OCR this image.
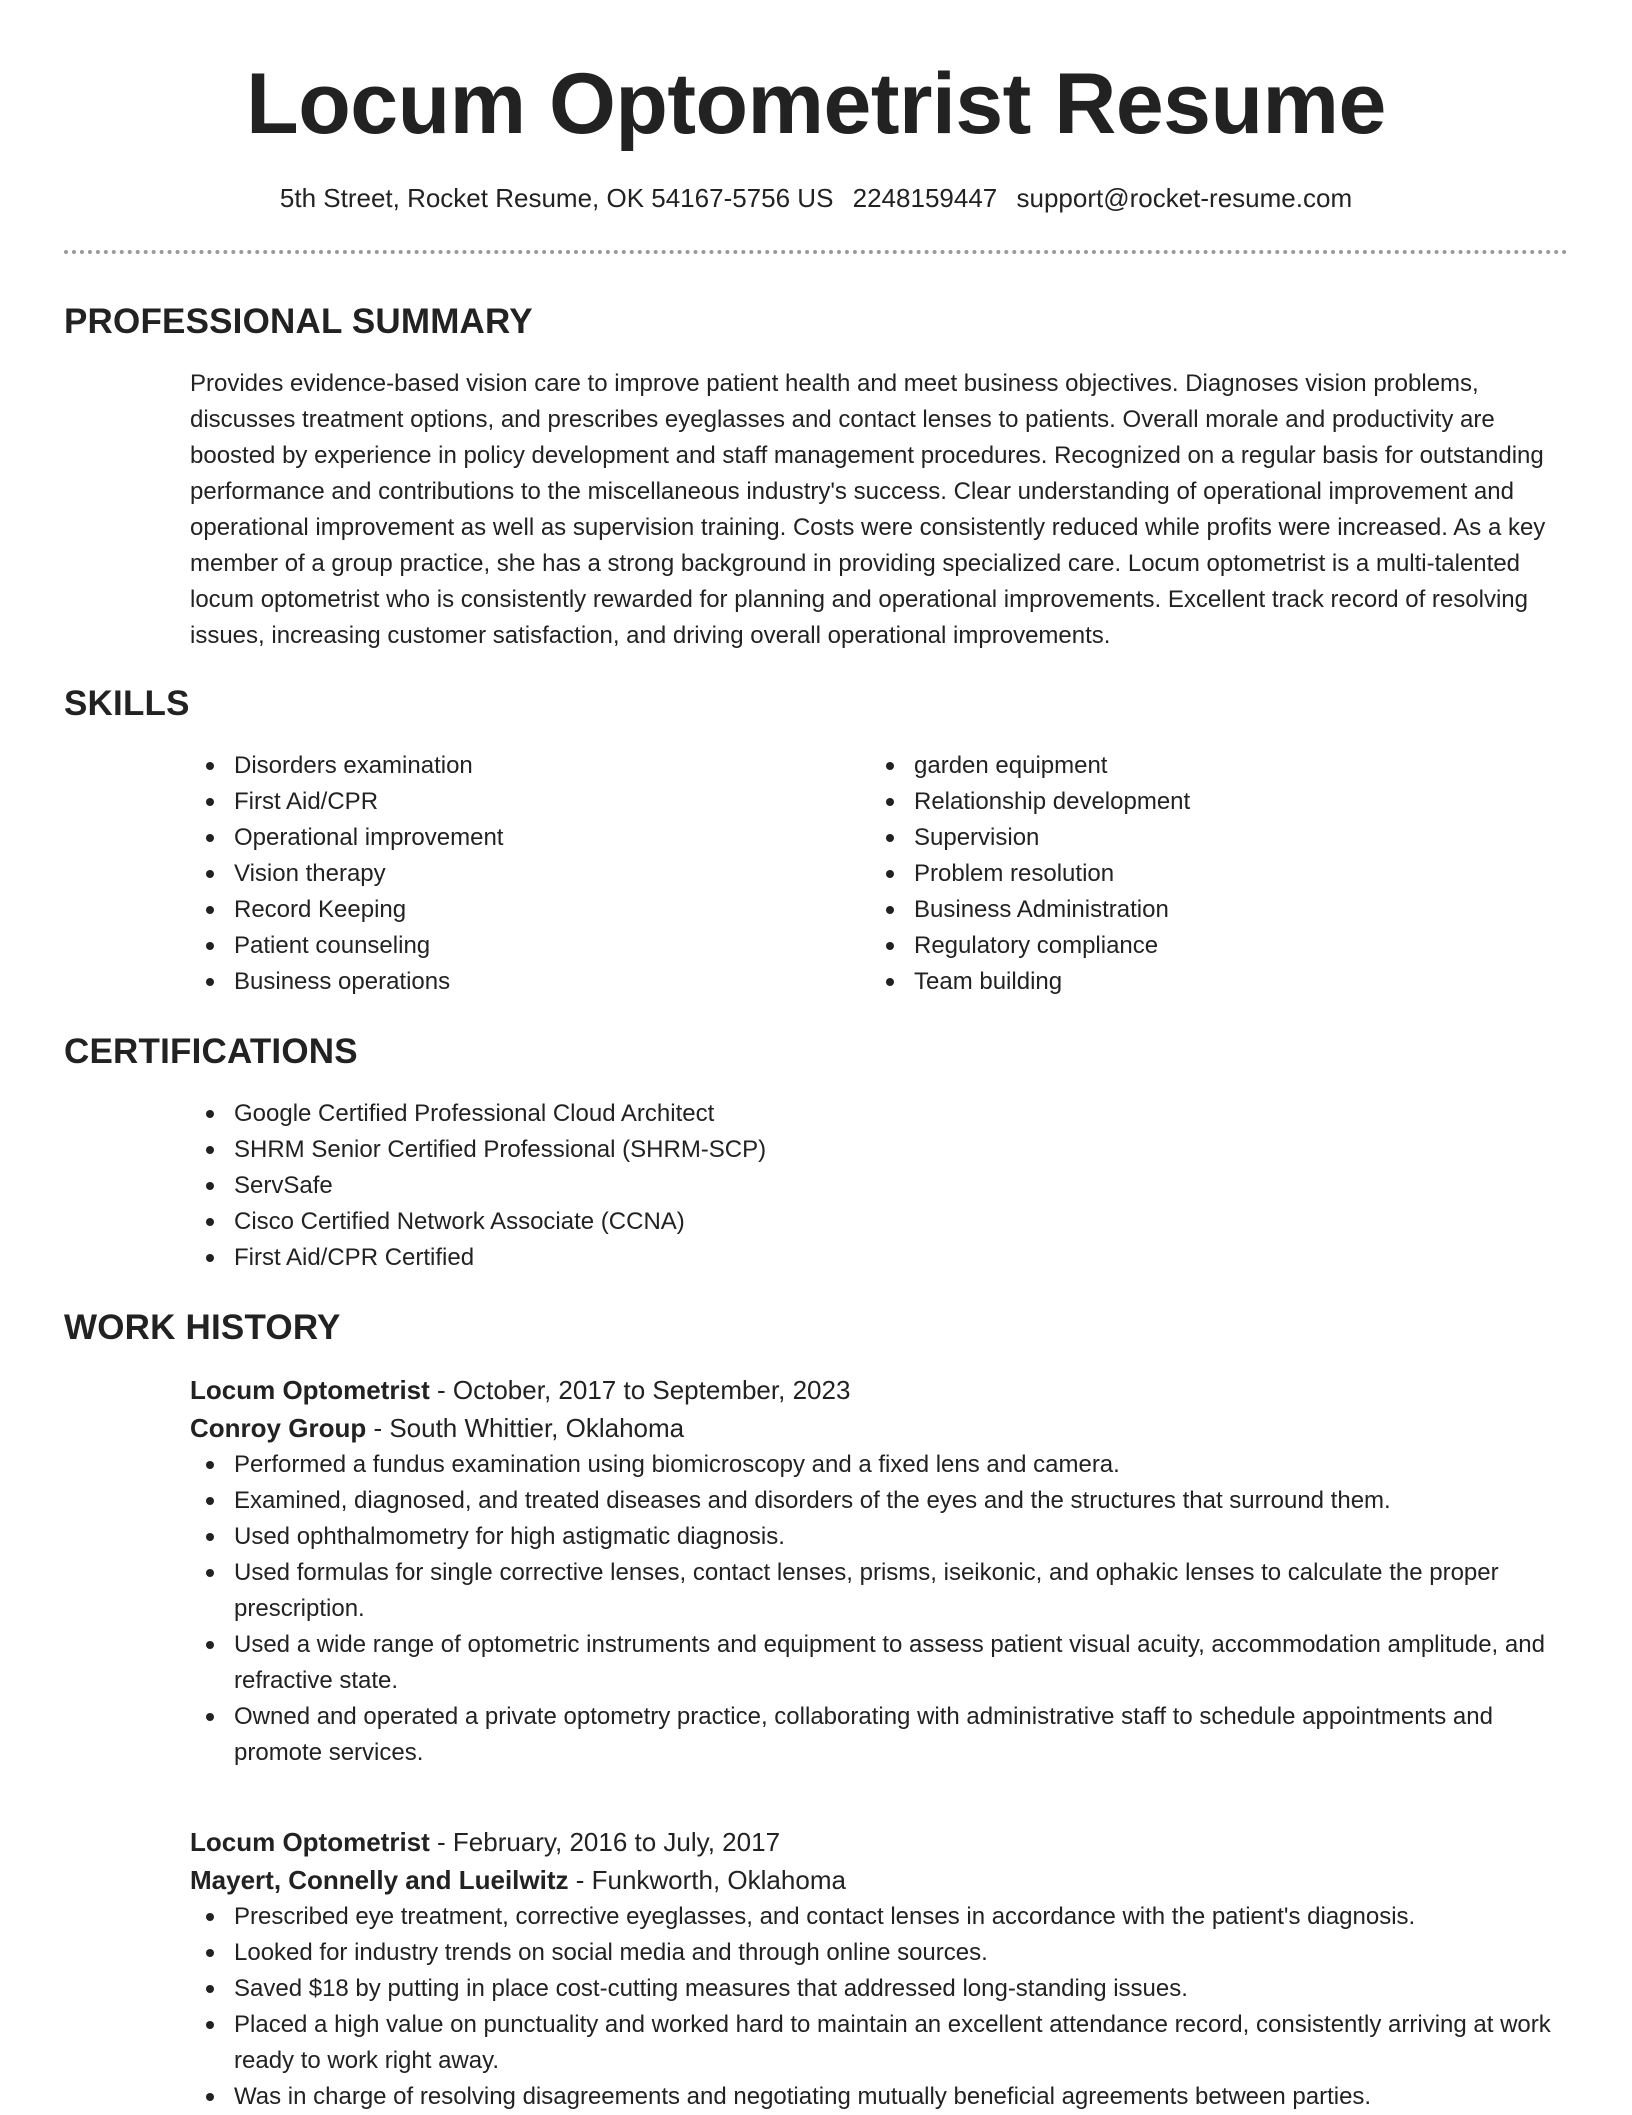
Locum Optometrist Resume
5th Street, Rocket Resume, OK 54167-5756 US 2248159447 support@rocket-resume.com
PROFESSIONAL SUMMARY

Provides evidence-based vision care to improve patient health and meet business objectives. Diagnoses vision problems, discusses treatment options, and prescribes eyeglasses and contact lenses to patients. Overall morale and productivity are boosted by experience in policy development and staff management procedures. Recognized on a regular basis for outstanding performance and contributions to the miscellaneous industry's success. Clear understanding of operational improvement and operational improvement as well as supervision training. Costs were consistently reduced while profits were increased. As a key member of a group practice, she has a strong background in providing specialized care. Locum optometrist is a multi-talented locum optometrist who is consistently rewarded for planning and operational improvements. Excellent track record of resolving issues, increasing customer satisfaction, and driving overall operational improvements.

SKILLS
Disorders examination
First Aid/CPR
Operational improvement
Vision therapy
Record Keeping
Patient counseling
Business operations
garden equipment
Relationship development
Supervision
Problem resolution
Business Administration
Regulatory compliance
Team building
CERTIFICATIONS
Google Certified Professional Cloud Architect
SHRM Senior Certified Professional (SHRM-SCP)
ServSafe
Cisco Certified Network Associate (CCNA)
First Aid/CPR Certified
WORK HISTORY
Locum Optometrist - October, 2017 to September, 2023
Conroy Group - South Whittier, Oklahoma
Performed a fundus examination using biomicroscopy and a fixed lens and camera.
Examined, diagnosed, and treated diseases and disorders of the eyes and the structures that surround them.
Used ophthalmometry for high astigmatic diagnosis.
Used formulas for single corrective lenses, contact lenses, prisms, iseikonic, and ophakic lenses to calculate the proper prescription.
Used a wide range of optometric instruments and equipment to assess patient visual acuity, accommodation amplitude, and refractive state.
Owned and operated a private optometry practice, collaborating with administrative staff to schedule appointments and promote services.
Locum Optometrist - February, 2016 to July, 2017
Mayert, Connelly and Lueilwitz - Funkworth, Oklahoma
Prescribed eye treatment, corrective eyeglasses, and contact lenses in accordance with the patient's diagnosis.
Looked for industry trends on social media and through online sources.
Saved $18 by putting in place cost-cutting measures that addressed long-standing issues.
Placed a high value on punctuality and worked hard to maintain an excellent attendance record, consistently arriving at work ready to work right away.
Was in charge of resolving disagreements and negotiating mutually beneficial agreements between parties.
